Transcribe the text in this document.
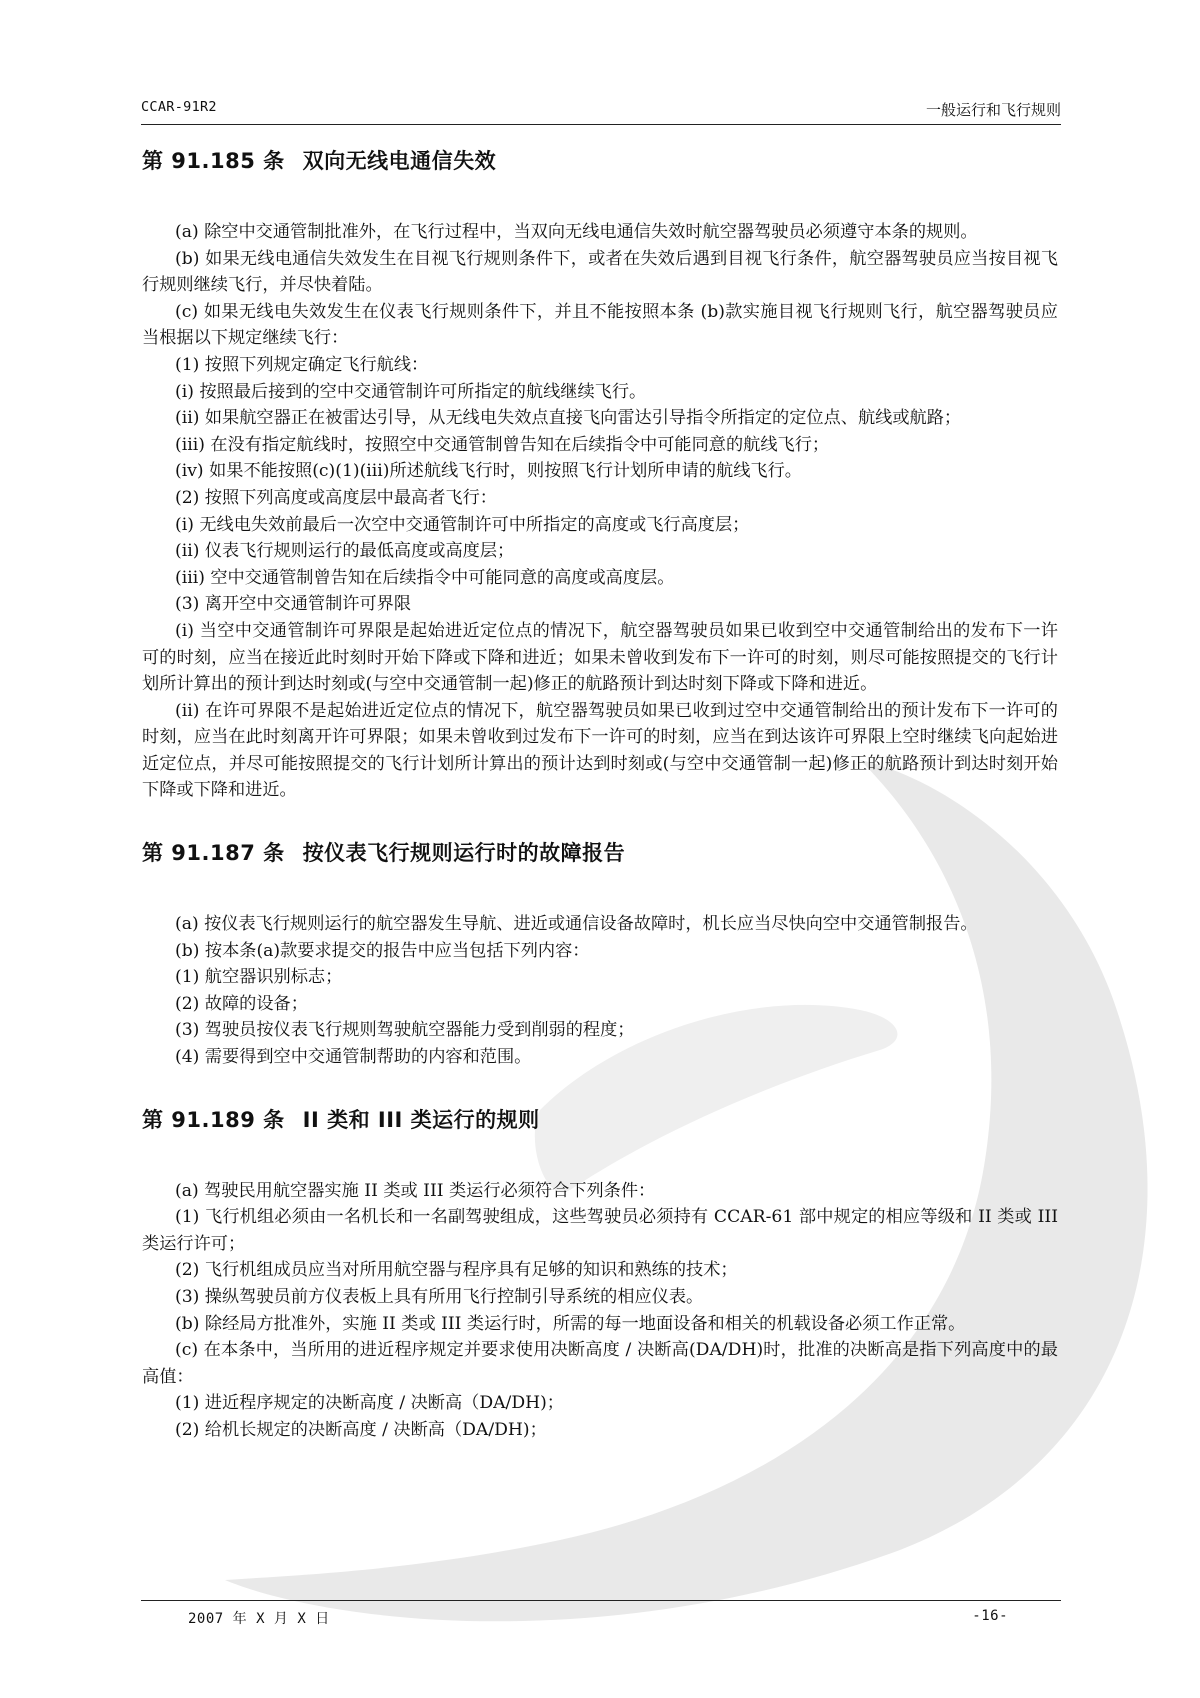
CCAR-91R2	一般运行和飞行规则
第 91.185 条 双向无线电通信失效

(a) 除空中交通管制批准外，在飞行过程中，当双向无线电通信失效时航空器驾驶员必须遵守本条的规则。

(b) 如果无线电通信失效发生在目视飞行规则条件下，或者在失效后遇到目视飞行条件，航空器驾驶员应当按目视飞行规则继续飞行，并尽快着陆。

(c) 如果无线电失效发生在仪表飞行规则条件下，并且不能按照本条 (b)款实施目视飞行规则飞行，航空器驾驶员应当根据以下规定继续飞行：

(1) 按照下列规定确定飞行航线：

(i) 按照最后接到的空中交通管制许可所指定的航线继续飞行。

(ii) 如果航空器正在被雷达引导，从无线电失效点直接飞向雷达引导指令所指定的定位点、航线或航路；

(iii) 在没有指定航线时，按照空中交通管制曾告知在后续指令中可能同意的航线飞行；

(iv) 如果不能按照(c)(1)(iii)所述航线飞行时，则按照飞行计划所申请的航线飞行。

(2) 按照下列高度或高度层中最高者飞行：

(i) 无线电失效前最后一次空中交通管制许可中所指定的高度或飞行高度层；

(ii) 仪表飞行规则运行的最低高度或高度层；

(iii) 空中交通管制曾告知在后续指令中可能同意的高度或高度层。

(3) 离开空中交通管制许可界限

(i) 当空中交通管制许可界限是起始进近定位点的情况下，航空器驾驶员如果已收到空中交通管制给出的发布下一许可的时刻，应当在接近此时刻时开始下降或下降和进近；如果未曾收到发布下一许可的时刻，则尽可能按照提交的飞行计划所计算出的预计到达时刻或(与空中交通管制一起)修正的航路预计到达时刻下降或下降和进近。

(ii) 在许可界限不是起始进近定位点的情况下，航空器驾驶员如果已收到过空中交通管制给出的预计发布下一许可的时刻，应当在此时刻离开许可界限；如果未曾收到过发布下一许可的时刻，应当在到达该许可界限上空时继续飞向起始进近定位点，并尽可能按照提交的飞行计划所计算出的预计达到时刻或(与空中交通管制一起)修正的航路预计到达时刻开始下降或下降和进近。

第 91.187 条 按仪表飞行规则运行时的故障报告

(a) 按仪表飞行规则运行的航空器发生导航、进近或通信设备故障时，机长应当尽快向空中交通管制报告。

(b) 按本条(a)款要求提交的报告中应当包括下列内容：

(1) 航空器识别标志；

(2) 故障的设备；

(3) 驾驶员按仪表飞行规则驾驶航空器能力受到削弱的程度；

(4) 需要得到空中交通管制帮助的内容和范围。

第 91.189 条 II 类和 III 类运行的规则

(a) 驾驶民用航空器实施 II 类或 III 类运行必须符合下列条件：

(1) 飞行机组必须由一名机长和一名副驾驶组成，这些驾驶员必须持有 CCAR-61 部中规定的相应等级和 II 类或 III 类运行许可；

(2) 飞行机组成员应当对所用航空器与程序具有足够的知识和熟练的技术；

(3) 操纵驾驶员前方仪表板上具有所用飞行控制引导系统的相应仪表。

(b) 除经局方批准外，实施 II 类或 III 类运行时，所需的每一地面设备和相关的机载设备必须工作正常。

(c) 在本条中，当所用的进近程序规定并要求使用决断高度 / 决断高(DA/DH)时，批准的决断高是指下列高度中的最高值：

(1) 进近程序规定的决断高度 / 决断高（DA/DH)；

(2) 给机长规定的决断高度 / 决断高（DA/DH)；

2007 年 X 月 X 日	-16-
